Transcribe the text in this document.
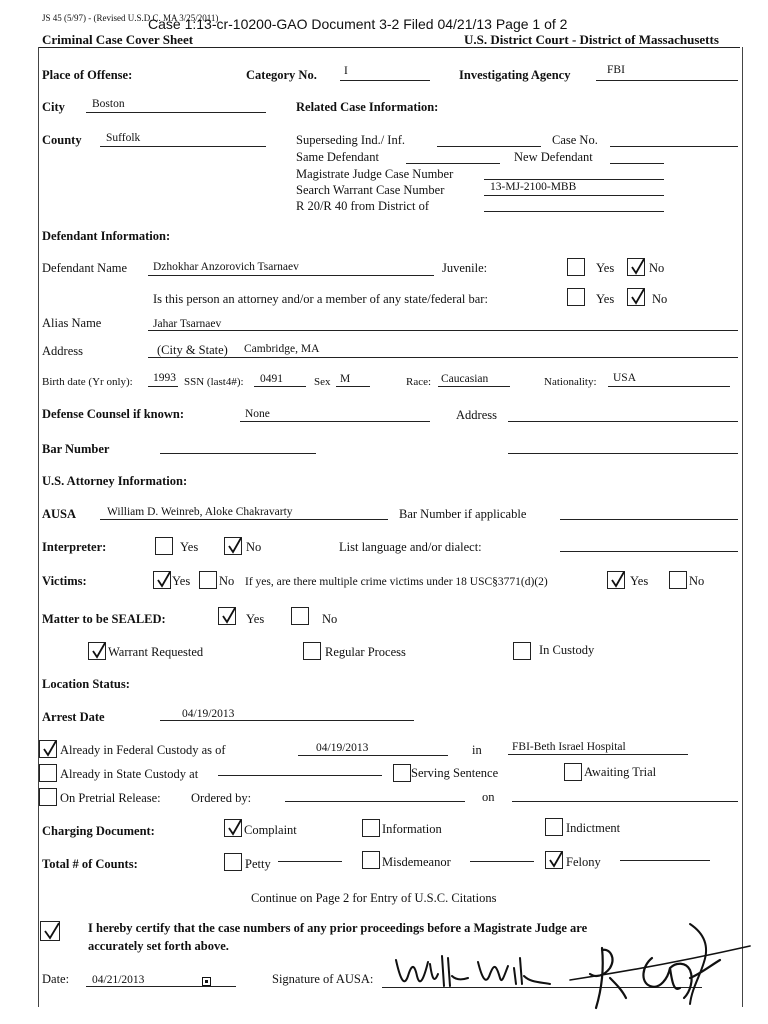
JS 45 (5/97) - (Revised U.S.D.C. MA 3/25/2011)
Case 1:13-cr-10200-GAO Document 3-2 Filed 04/21/13 Page 1 of 2
Criminal Case Cover Sheet	U.S. District Court - District of Massachusetts
Place of Offense:	Category No. I	Investigating Agency	FBI
City Boston	Related Case Information:
County Suffolk	Superseding Ind./ Inf.	Case No.
Same Defendant	New Defendant
Magistrate Judge Case Number
Search Warrant Case Number	13-MJ-2100-MBB
R 20/R 40 from District of
Defendant Information:
Defendant Name Dzhokhar Anzorovich Tsarnaev	Juvenile:	Yes	No
Is this person an attorney and/or a member of any state/federal bar:	Yes	No
Alias Name	Jahar Tsarnaev
Address	(City & State) Cambridge, MA
Birth date (Yr only): 1993 SSN (last4#): 0491	Sex M	Race: Caucasian	Nationality: USA
Defense Counsel if known:	None	Address
Bar Number
U.S. Attorney Information:
AUSA	William D. Weinreb, Aloke Chakravarty	Bar Number if applicable
Interpreter:	Yes	No	List language and/or dialect:
Victims:	Yes No If yes, are there multiple crime victims under 18 USC§3771(d)(2)	Yes	No
Matter to be SEALED:	Yes	No
Warrant Requested	Regular Process	In Custody
Location Status:
Arrest Date	04/19/2013
Already in Federal Custody as of	04/19/2013	in	FBI-Beth Israel Hospital
Already in State Custody at	Serving Sentence	Awaiting Trial
On Pretrial Release: Ordered by:	on
Charging Document:	Complaint	Information	Indictment
Total # of Counts:	Petty	Misdemeanor	Felony
Continue on Page 2 for Entry of U.S.C. Citations
I hereby certify that the case numbers of any prior proceedings before a Magistrate Judge are
accurately set forth above.
Date: 04/21/2013	Signature of AUSA:
